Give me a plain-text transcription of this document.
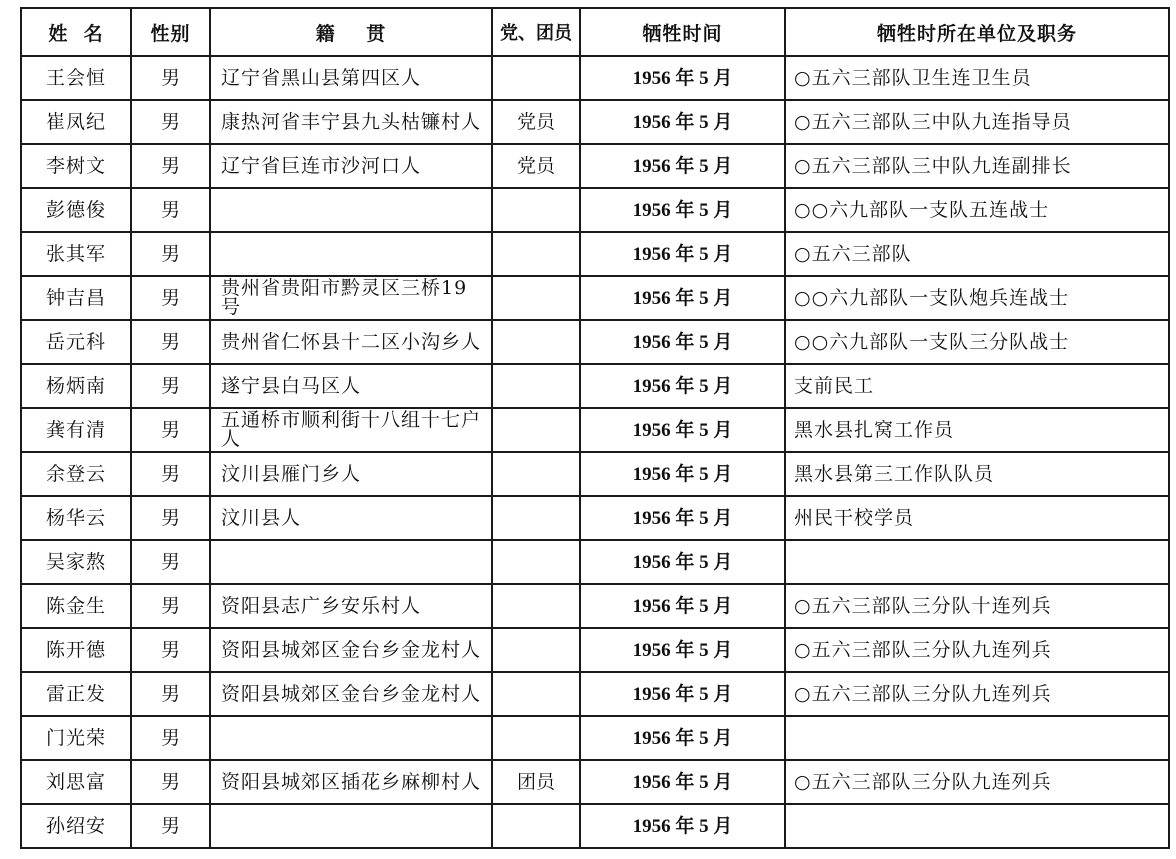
姓  名	性别	籍    贯	党、团员	牺牲时间	牺牲时所在单位及职务
王会恒	男	辽宁省黑山县第四区人		1956 年 5 月	○五六三部队卫生连卫生员
崔凤纪	男	康热河省丰宁县九头枯镰村人	党员	1956 年 5 月	○五六三部队三中队九连指导员
李树文	男	辽宁省巨连市沙河口人	党员	1956 年 5 月	○五六三部队三中队九连副排长
彭德俊	男			1956 年 5 月	○○六九部队一支队五连战士
张其军	男			1956 年 5 月	○五六三部队
钟吉昌	男	贵州省贵阳市黔灵区三桥19号		1956 年 5 月	○○六九部队一支队炮兵连战士
岳元科	男	贵州省仁怀县十二区小沟乡人		1956 年 5 月	○○六九部队一支队三分队战士
杨炳南	男	遂宁县白马区人		1956 年 5 月	支前民工
龚有清	男	五通桥市顺利街十八组十七户人		1956 年 5 月	黑水县扎窝工作员
余登云	男	汶川县雁门乡人		1956 年 5 月	黑水县第三工作队队员
杨华云	男	汶川县人		1956 年 5 月	州民干校学员
吴家熬	男			1956 年 5 月	
陈金生	男	资阳县志广乡安乐村人		1956 年 5 月	○五六三部队三分队十连列兵
陈开德	男	资阳县城郊区金台乡金龙村人		1956 年 5 月	○五六三部队三分队九连列兵
雷正发	男	资阳县城郊区金台乡金龙村人		1956 年 5 月	○五六三部队三分队九连列兵
门光荣	男			1956 年 5 月	
刘思富	男	资阳县城郊区插花乡麻柳村人	团员	1956 年 5 月	○五六三部队三分队九连列兵
孙绍安	男			1956 年 5 月	
